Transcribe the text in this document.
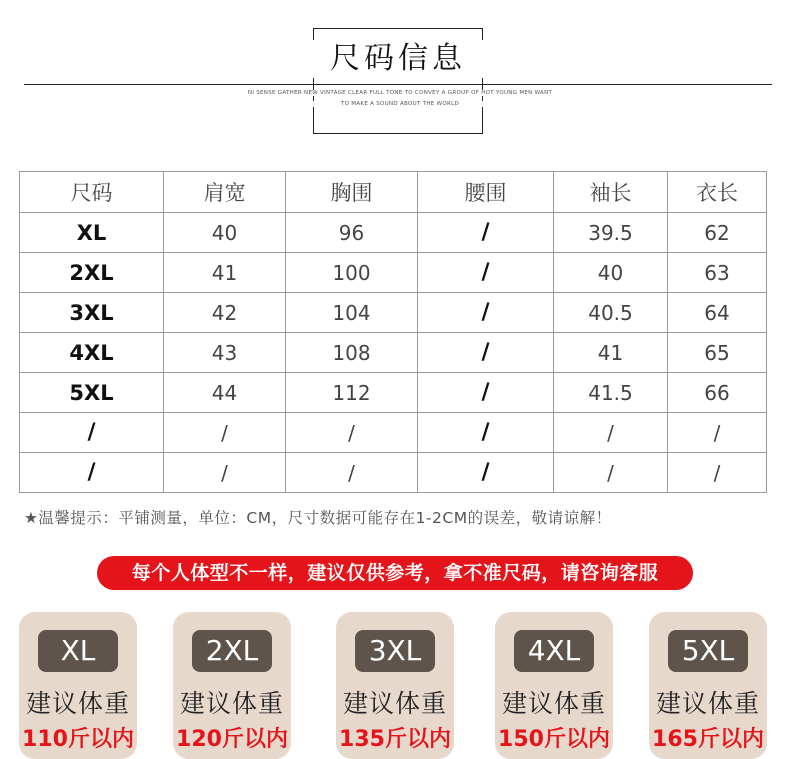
尺码信息
NI SENSE GATHER NEW VINTAGE CLEAR FULL TONE TO CONVEY A GROUP OF HOT YOUNG MEN WANT
TO MAKE A SOUND ABOUT THE WORLD
尺码	肩宽	胸围	腰围	袖长	衣长
XL	40	96	/	39.5	62
2XL	41	100	/	40	63
3XL	42	104	/	40.5	64
4XL	43	108	/	41	65
5XL	44	112	/	41.5	66
/	/	/	/	/	/
/	/	/	/	/	/
★温馨提示：平铺测量，单位：CM，尺寸数据可能存在1-2CM的误差，敬请谅解！
每个人体型不一样，建议仅供参考，拿不准尺码，请咨询客服
XL
建议体重
110斤以内
2XL
建议体重
120斤以内
3XL
建议体重
135斤以内
4XL
建议体重
150斤以内
5XL
建议体重
165斤以内
